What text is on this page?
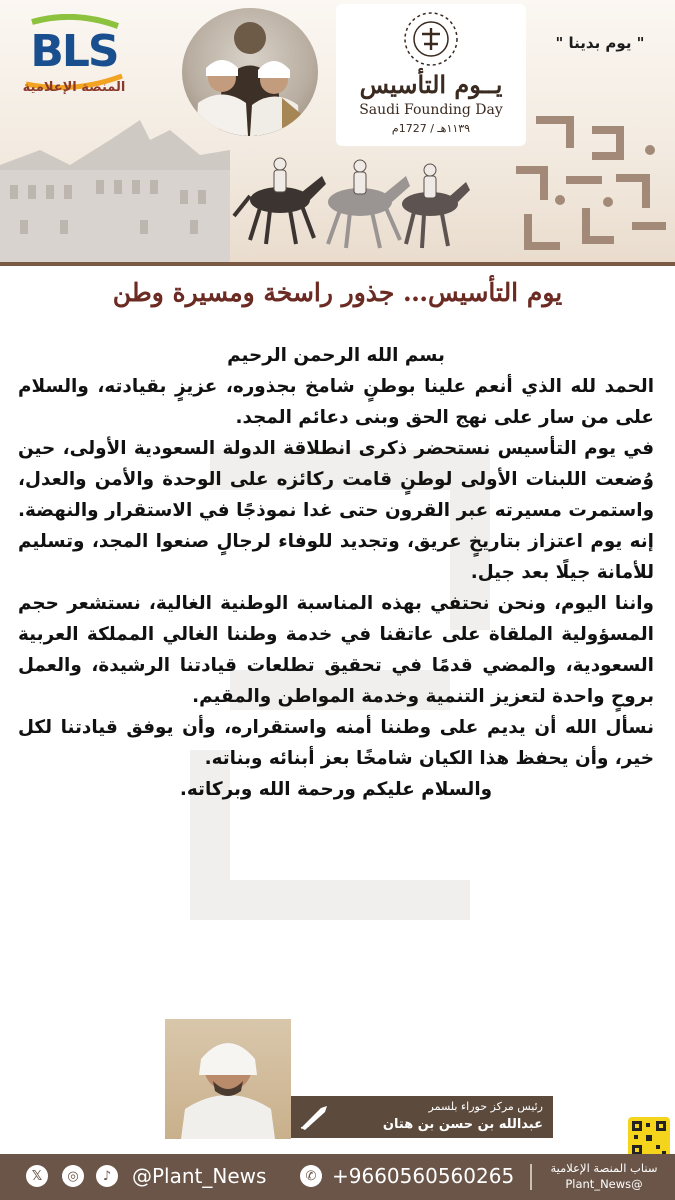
BLS
المنصة الإعلامية	يــوم التأسيس
Saudi Founding Day
١١٣٩هـ / 1727م
" يوم بدينا "
يوم التأسيس… جذور راسخة ومسيرة وطن

بسم الله الرحمن الرحيم

الحمد لله الذي أنعم علينا بوطنٍ شامخ بجذوره، عزيزٍ بقيادته، والسلام على من سار على نهج الحق وبنى دعائم المجد.

في يوم التأسيس نستحضر ذكرى انطلاقة الدولة السعودية الأولى، حين وُضعت اللبنات الأولى لوطنٍ قامت ركائزه على الوحدة والأمن والعدل، واستمرت مسيرته عبر القرون حتى غدا نموذجًا في الاستقرار والنهضة. إنه يوم اعتزاز بتاريخٍ عريق، وتجديد للوفاء لرجالٍ صنعوا المجد، وتسليم للأمانة جيلًا بعد جيل.

واننا اليوم، ونحن نحتفي بهذه المناسبة الوطنية الغالية، نستشعر حجم المسؤولية الملقاة على عاتقنا في خدمة وطننا الغالي المملكة العربية السعودية، والمضي قدمًا في تحقيق تطلعات قيادتنا الرشيدة، والعمل بروحٍ واحدة لتعزيز التنمية وخدمة المواطن والمقيم.

نسأل الله أن يديم على وطننا أمنه واستقراره، وأن يوفق قيادتنا لكل خير، وأن يحفظ هذا الكيان شامخًا بعز أبنائه وبناته.

والسلام عليكم ورحمة الله وبركاته.

رئيس مركز حوراء بلسمر
عبدالله بن حسن بن هتان
𝕏	◎	♪	@Plant_News	✆ +9660560560265	سناب المنصة الإعلامية
@Plant_News
